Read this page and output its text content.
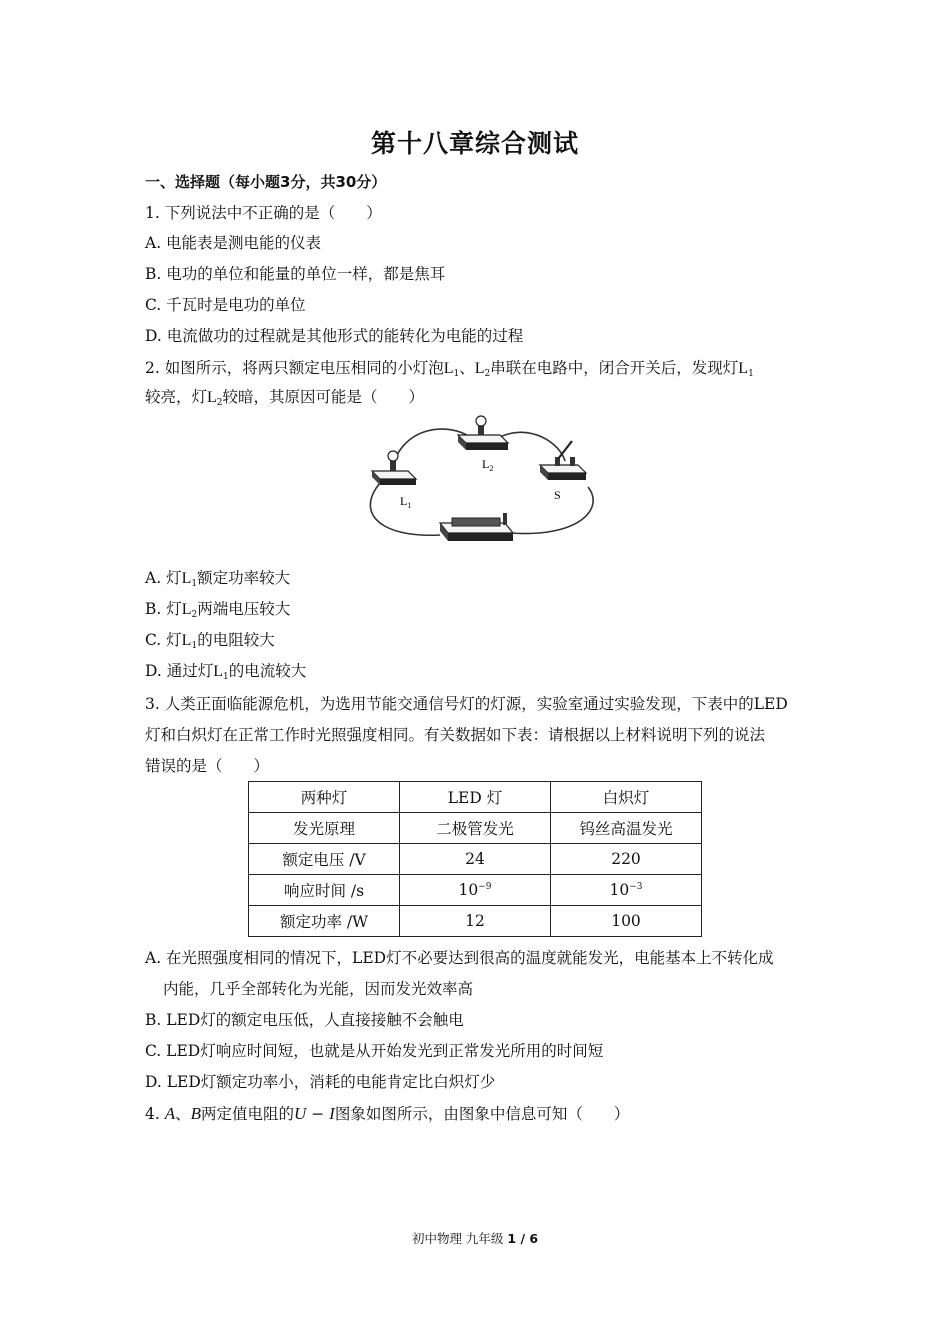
第十八章综合测试
一、选择题（每小题3分，共30分）
1. 下列说法中不正确的是（　　）
A. 电能表是测电能的仪表
B. 电功的单位和能量的单位一样，都是焦耳
C. 千瓦时是电功的单位
D. 电流做功的过程就是其他形式的能转化为电能的过程
2. 如图所示，将两只额定电压相同的小灯泡$L_1$、$L_2$串联在电路中，闭合开关后，发现灯$L_1$
较亮，灯$L_2$较暗，其原因可能是（　　）
$L_1$
$L_2$
S
A. 灯$L_1$额定功率较大
B. 灯$L_2$两端电压较大
C. 灯$L_1$的电阻较大
D. 通过灯$L_1$的电流较大
3. 人类正面临能源危机，为选用节能交通信号灯的灯源，实验室通过实验发现，下表中的LED
灯和白炽灯在正常工作时光照强度相同。有关数据如下表：请根据以上材料说明下列的说法
错误的是（　　）
两种灯	LED 灯	白炽灯
发光原理	二极管发光	钨丝高温发光
额定电压 /V	24	220
响应时间 /s	$10^{-9}$	$10^{-3}$
额定功率 /W	12	100
A. 在光照强度相同的情况下，LED灯不必要达到很高的温度就能发光，电能基本上不转化成
内能，几乎全部转化为光能，因而发光效率高
B. LED灯的额定电压低，人直接接触不会触电
C. LED灯响应时间短，也就是从开始发光到正常发光所用的时间短
D. LED灯额定功率小，消耗的电能肯定比白炽灯少
4. A、B两定值电阻的U − I图象如图所示，由图象中信息可知（　　）
初中物理 九年级 1 / 6
